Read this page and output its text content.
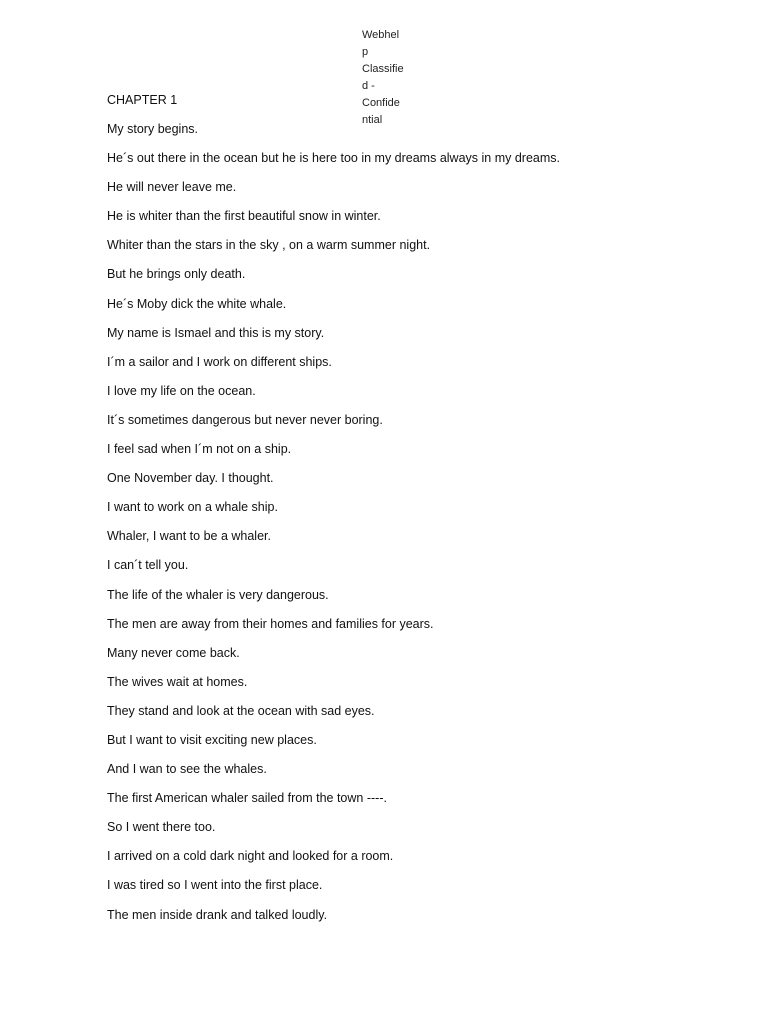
Webhel
p
Classifie
d -
Confide
ntial
CHAPTER 1
My story begins.
He´s out there in the ocean but he is here too in my dreams always in my dreams.
He will never leave me.
He is whiter than the first beautiful snow in winter.
Whiter than the stars in the sky , on a warm summer night.
But he brings only death.
He´s Moby dick the white whale.
My name is Ismael and this is my story.
I´m a sailor and I work on different ships.
I love my life on the ocean.
It´s sometimes dangerous but never never boring.
I feel sad when I´m not on a ship.
One November day. I thought.
I want to work on a whale ship.
Whaler, I want to be a whaler.
I can´t tell you.
The life of the whaler is very dangerous.
The men are away from their homes and families for years.
Many never come back.
The wives wait at homes.
They stand and look at the ocean with sad eyes.
But I want to visit exciting new places.
And I wan to see the whales.
The first American whaler sailed from the town ----.
So I went there too.
I arrived on a cold dark night and looked for a room.
I was tired so I went into the first place.
The men inside drank and talked loudly.
